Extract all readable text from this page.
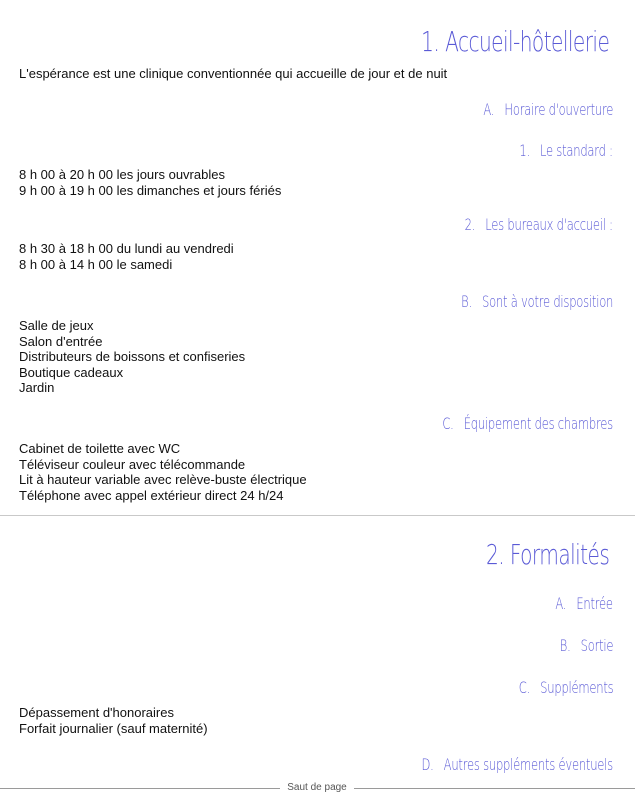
1. Accueil-hôtellerie
L'espérance est une clinique conventionnée qui accueille de jour et de nuit
A. Horaire d'ouverture
1. Le standard :
8 h 00 à 20 h 00 les jours ouvrables
9 h 00 à 19 h 00 les dimanches et jours fériés
2. Les bureaux d'accueil :
8 h 30 à 18 h 00 du lundi au vendredi
8 h 00 à 14 h 00 le samedi
B. Sont à votre disposition
Salle de jeux
Salon d'entrée
Distributeurs de boissons et confiseries
Boutique cadeaux
Jardin
C. Équipement des chambres
Cabinet de toilette avec WC
Téléviseur couleur avec télécommande
Lit à hauteur variable avec relève-buste électrique
Téléphone avec appel extérieur direct 24 h/24
2. Formalités
A. Entrée
B. Sortie
C. Suppléments
Dépassement d'honoraires
Forfait journalier (sauf maternité)
D. Autres suppléments éventuels
Saut de page
